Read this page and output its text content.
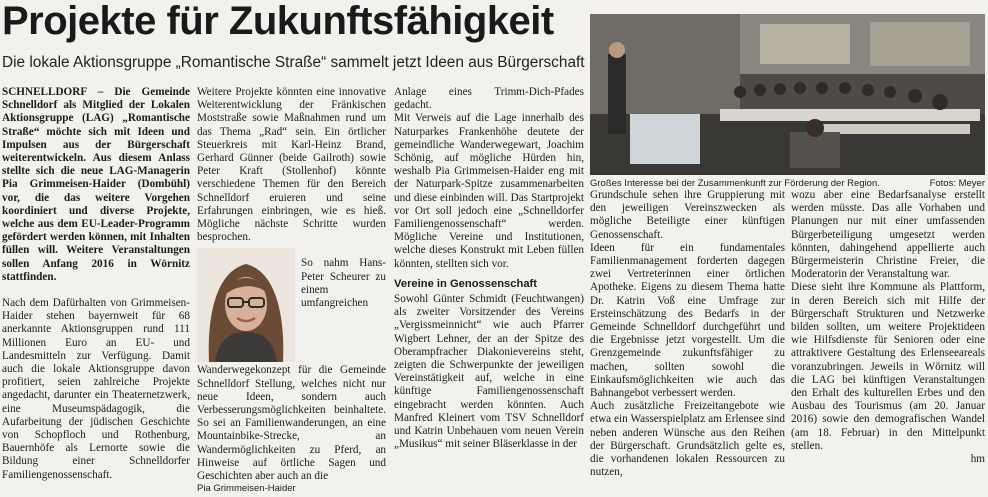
Projekte für Zukunftsfähigkeit
Die lokale Aktionsgruppe „Romantische Straße“ sammelt jetzt Ideen aus Bürgerschaft

SCHNELLDORF – Die Gemeinde Schnelldorf als Mitglied der Lokalen Aktionsgruppe (LAG) „Romantische Straße“ möchte sich mit Ideen und Impulsen aus der Bürgerschaft weiterentwickeln. Aus diesem Anlass stellte sich die neue LAG-Managerin Pia Grimmeisen-Haider (Dombühl) vor, die das weitere Vorgehen koordiniert und diverse Projekte, welche aus dem EU-Leader-Programm gefördert werden können, mit Inhalten füllen will. Weitere Veranstaltungen sollen Anfang 2016 in Wörnitz stattfinden.

Nach dem Dafürhalten von Grimmeisen-Haider stehen bayernweit für 68 anerkannte Aktionsgruppen rund 111 Millionen Euro an EU- und Landesmitteln zur Verfügung. Damit auch die lokale Aktionsgruppe davon profitiert, seien zahlreiche Projekte angedacht, darunter ein Theaternetzwerk, eine Museumspädagogik, die Aufarbeitung der jüdischen Geschichte von Schopfloch und Rothenburg, Bauernhöfe als Lernorte sowie die Bildung einer Schnelldorfer Familiengenossenschaft.

Weitere Projekte könnten eine innovative Weiterentwicklung der Fränkischen Moststraße sowie Maßnahmen rund um das Thema „Rad“ sein. Ein örtlicher Steuerkreis mit Karl-Heinz Brand, Gerhard Günner (beide Gailroth) sowie Peter Kraft (Stollenhof) könnte verschiedene Themen für den Bereich Schnelldorf eruieren und seine Erfahrungen einbringen, wie es hieß. Mögliche nächste Schritte wurden besprochen.

So nahm Hans-Peter Scheurer zu einem umfangreichen Wanderwegekonzept für die Gemeinde Schnelldorf Stellung, welches nicht nur neue Ideen, sondern auch Verbesserungsmöglichkeiten beinhaltete. So sei an Familienwanderungen, an eine Mountainbike-Strecke, an Wandermöglichkeiten zu Pferd, an Hinweise auf örtliche Sagen und Geschichten aber auch an die

Pia Grimmeisen-Haider

Anlage eines Trimm-Dich-Pfades gedacht.

Mit Verweis auf die Lage innerhalb des Naturparkes Frankenhöhe deutete der gemeindliche Wanderwegewart, Joachim Schönig, auf mögliche Hürden hin, weshalb Pia Grimmeisen-Haider eng mit der Naturpark-Spitze zusammenarbeiten und diese einbinden will. Das Startprojekt vor Ort soll jedoch eine „Schnelldorfer Familiengenossenschaft“ werden. Mögliche Vereine und Institutionen, welche dieses Konstrukt mit Leben füllen könnten, stellten sich vor.

Vereine in Genossenschaft

Sowohl Günter Schmidt (Feuchtwangen) als zweiter Vorsitzender des Vereins „Vergissmeinnicht“ wie auch Pfarrer Wigbert Lehner, der an der Spitze des Oberampfracher Diakonievereins steht, zeigten die Schwerpunkte der jeweiligen Vereinstätigkeit auf, welche in eine künftige Familiengenossenschaft eingebracht werden könnten. Auch Manfred Kleinert vom TSV Schnelldorf und Katrin Unbehauen vom neuen Verein „Musikus“ mit seiner Bläserklasse in der

Großes Interesse bei der Zusammenkunft zur Förderung der Region.	Fotos: Meyer

Grundschule sehen ihre Gruppierung mit den jeweiligen Vereinszwecken als mögliche Beteiligte einer künftigen Genossenschaft.

Ideen für ein fundamentales Familienmanagement forderten dagegen zwei Vertreterinnen einer örtlichen Apotheke. Eigens zu diesem Thema hatte Dr. Katrin Voß eine Umfrage zur Ersteinschätzung des Bedarfs in der Gemeinde Schnelldorf durchgeführt und die Ergebnisse jetzt vorgestellt. Um die Grenzgemeinde zukunftsfähiger zu machen, sollten sowohl die Einkaufsmöglichkeiten wie auch das Bahnangebot verbessert werden.

Auch zusätzliche Freizeitangebote wie etwa ein Wasserspielplatz am Erlensee sind neben anderen Wünsche aus den Reihen der Bürgerschaft. Grundsätzlich gelte es, die vorhandenen lokalen Ressourcen zu nutzen,

wozu aber eine Bedarfsanalyse erstellt werden müsste. Das alle Vorhaben und Planungen nur mit einer umfassenden Bürgerbeteiligung umgesetzt werden könnten, dahingehend appellierte auch Bürgermeisterin Christine Freier, die Moderatorin der Veranstaltung war.

Diese sieht ihre Kommune als Plattform, in deren Bereich sich mit Hilfe der Bürgerschaft Strukturen und Netzwerke bilden sollten, um weitere Projektideen wie Hilfsdienste für Senioren oder eine attraktivere Gestaltung des Erlenseeareals voranzubringen. Jeweils in Wörnitz will die LAG bei künftigen Veranstaltungen den Erhalt des kulturellen Erbes und den Ausbau des Tourismus (am 20. Januar 2016) sowie den demografischen Wandel (am 18. Februar) in den Mittelpunkt stellen.

hm
